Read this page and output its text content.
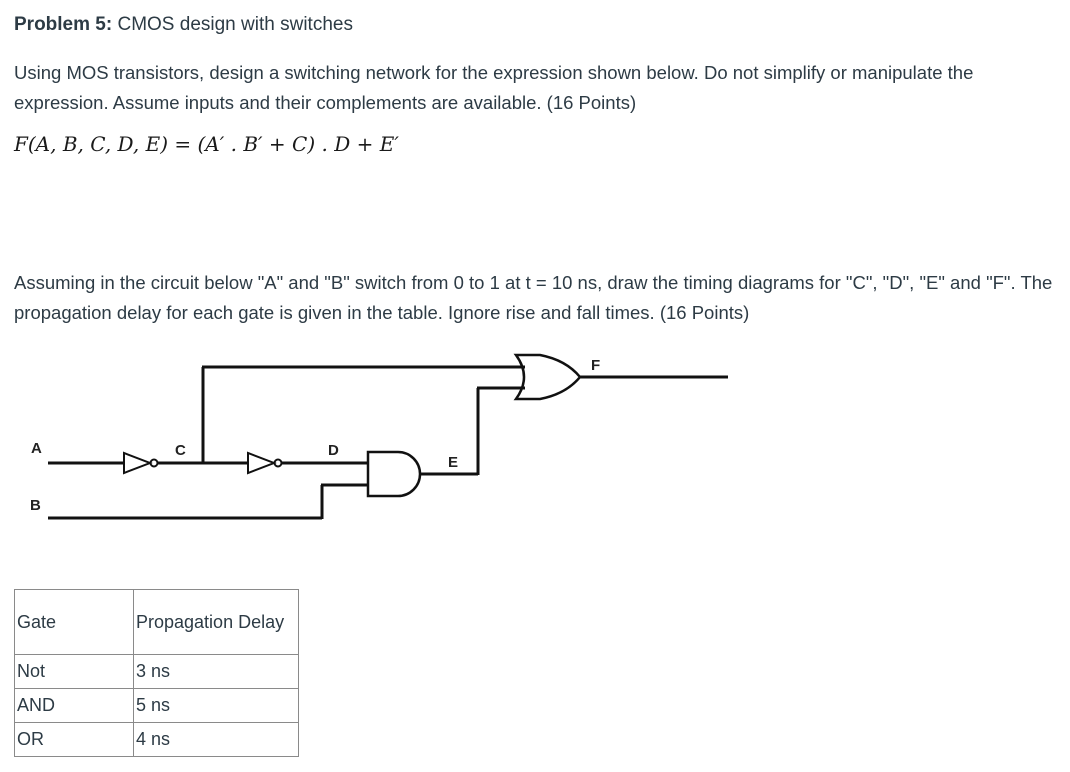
Problem 5: CMOS design with switches
Using MOS transistors, design a switching network for the expression shown below. Do not simplify or manipulate the expression. Assume inputs and their complements are available. (16 Points)
F(A, B, C, D, E) = (A′ . B′ + C) . D + E′
Assuming in the circuit below "A" and "B" switch from 0 to 1 at t = 10 ns, draw the timing diagrams for "C", "D", "E" and "F". The propagation delay for each gate is given in the table. Ignore rise and fall times. (16 Points)
A
B
C	D
E
F
Gate	Propagation Delay
Not	3 ns
AND	5 ns
OR	4 ns
